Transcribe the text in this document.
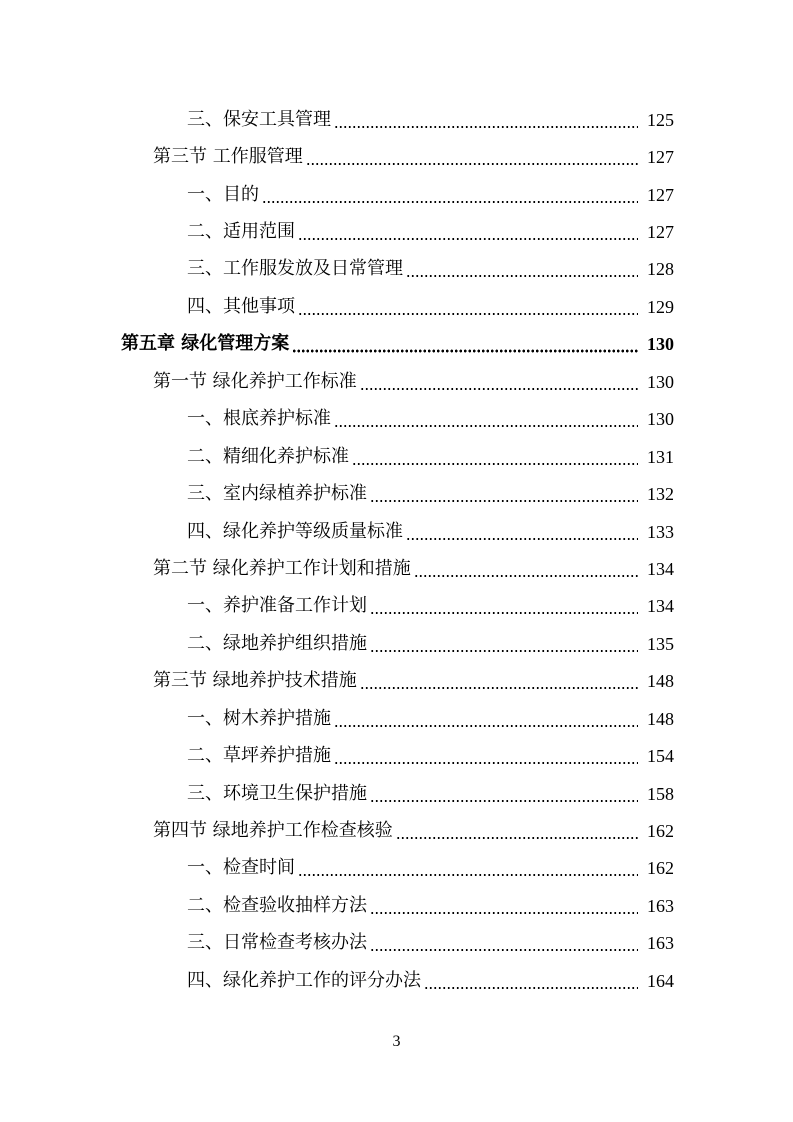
三、保安工具管理	125
第三节 工作服管理	127
一、目的	127
二、适用范围	127
三、工作服发放及日常管理	128
四、其他事项	129
第五章 绿化管理方案	130
第一节 绿化养护工作标准	130
一、根底养护标准	130
二、精细化养护标准	131
三、室内绿植养护标准	132
四、绿化养护等级质量标准	133
第二节 绿化养护工作计划和措施	134
一、养护准备工作计划	134
二、绿地养护组织措施	135
第三节 绿地养护技术措施	148
一、树木养护措施	148
二、草坪养护措施	154
三、环境卫生保护措施	158
第四节 绿地养护工作检查核验	162
一、检查时间	162
二、检查验收抽样方法	163
三、日常检查考核办法	163
四、绿化养护工作的评分办法	164
3
